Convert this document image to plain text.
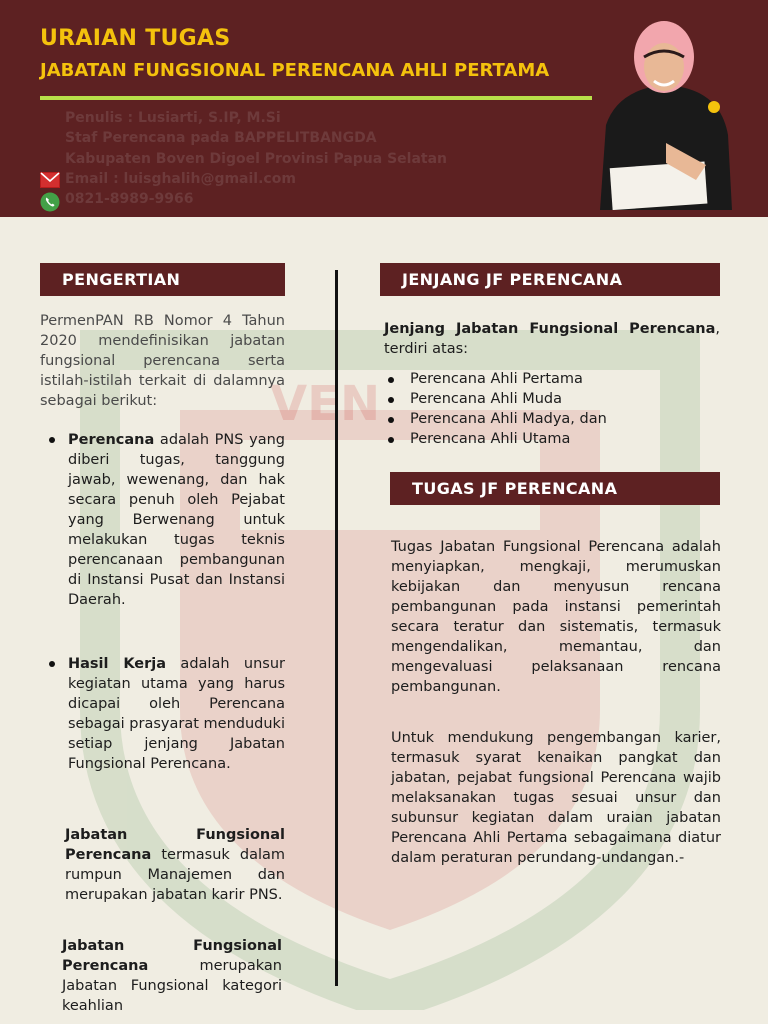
VEN
URAIAN TUGAS
JABATAN FUNGSIONAL PERENCANA AHLI PERTAMA
Penulis : Lusiarti, S.IP, M.Si
Staf Perencana pada BAPPELITBANGDA
Kabupaten Boven Digoel Provinsi Papua Selatan
Email : luisghalih@gmail.com
0821-8989-9966
PENGERTIAN
PermenPAN RB Nomor 4 Tahun 2020 mendefinisikan jabatan fungsional perencana serta istilah-istilah terkait di dalamnya sebagai berikut:
Perencana adalah PNS yang diberi tugas, tanggung jawab, wewenang, dan hak secara penuh oleh Pejabat yang Berwenang untuk melakukan tugas teknis perencanaan pembangunan di Instansi Pusat dan Instansi Daerah.
Hasil Kerja adalah unsur kegiatan utama yang harus dicapai oleh Perencana sebagai prasyarat menduduki setiap jenjang Jabatan Fungsional Perencana.
Jabatan Fungsional Perencana termasuk dalam rumpun Manajemen dan merupakan jabatan karir PNS.
Jabatan Fungsional Perencana merupakan Jabatan Fungsional kategori keahlian
JENJANG JF PERENCANA
Jenjang Jabatan Fungsional Perencana, terdiri atas:
Perencana Ahli Pertama
Perencana Ahli Muda
Perencana Ahli Madya, dan
Perencana Ahli Utama
TUGAS JF PERENCANA
Tugas Jabatan Fungsional Perencana adalah menyiapkan, mengkaji, merumuskan kebijakan dan menyusun rencana pembangunan pada instansi pemerintah secara teratur dan sistematis, termasuk mengendalikan, memantau, dan mengevaluasi pelaksanaan rencana pembangunan.
Untuk mendukung pengembangan karier, termasuk syarat kenaikan pangkat dan jabatan, pejabat fungsional Perencana wajib melaksanakan tugas sesuai unsur dan subunsur kegiatan dalam uraian jabatan Perencana Ahli Pertama sebagaimana diatur dalam peraturan perundang-undangan.-
